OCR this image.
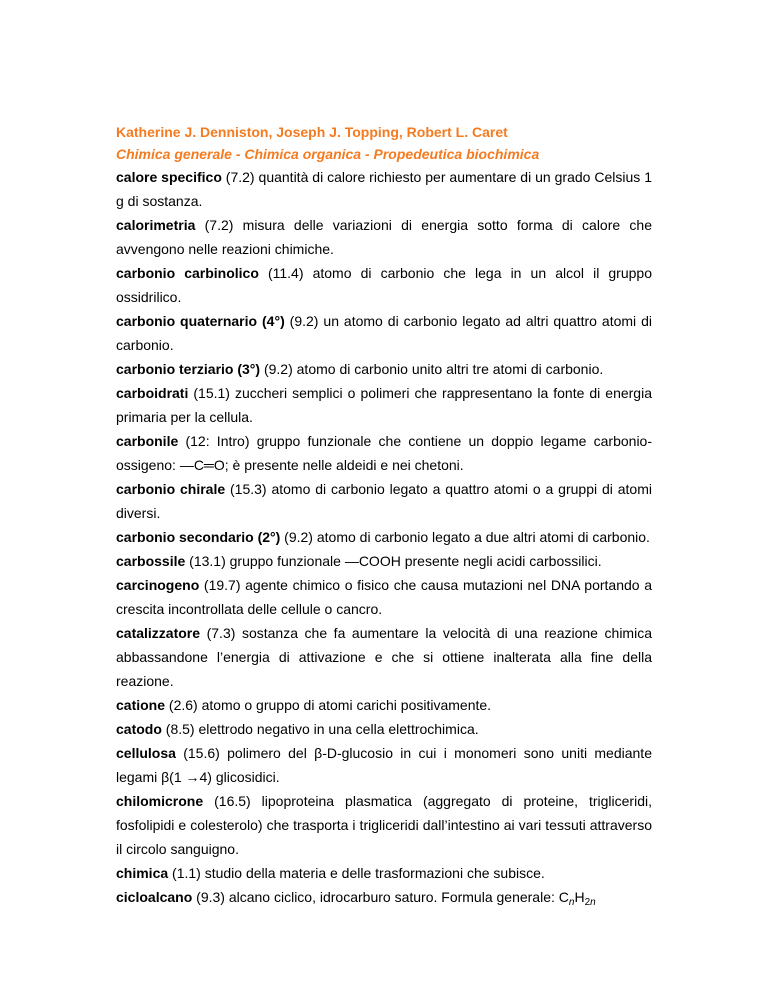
Katherine J. Denniston, Joseph J. Topping, Robert L. Caret

Chimica generale - Chimica organica - Propedeutica biochimica

calore specifico (7.2) quantità di calore richiesto per aumentare di un grado Celsius 1 g di sostanza.

calorimetria (7.2) misura delle variazioni di energia sotto forma di calore che avvengono nelle reazioni chimiche.

carbonio carbinolico (11.4) atomo di carbonio che lega in un alcol il gruppo ossidrilico.

carbonio quaternario (4°) (9.2) un atomo di carbonio legato ad altri quattro atomi di carbonio.

carbonio terziario (3°) (9.2) atomo di carbonio unito altri tre atomi di carbonio.

carboidrati (15.1) zuccheri semplici o polimeri che rappresentano la fonte di energia primaria per la cellula.

carbonile (12: Intro) gruppo funzionale che contiene un doppio legame carbonio-ossigeno: —C═O; è presente nelle aldeidi e nei chetoni.

carbonio chirale (15.3) atomo di carbonio legato a quattro atomi o a gruppi di atomi diversi.

carbonio secondario (2°) (9.2) atomo di carbonio legato a due altri atomi di carbonio.

carbossile (13.1) gruppo funzionale —COOH presente negli acidi carbossilici.

carcinogeno (19.7) agente chimico o fisico che causa mutazioni nel DNA portando a crescita incontrollata delle cellule o cancro.

catalizzatore (7.3) sostanza che fa aumentare la velocità di una reazione chimica abbassandone l’energia di attivazione e che si ottiene inalterata alla fine della reazione.

catione (2.6) atomo o gruppo di atomi carichi positivamente.

catodo (8.5) elettrodo negativo in una cella elettrochimica.

cellulosa (15.6) polimero del β-D-glucosio in cui i monomeri sono uniti mediante legami β(1 →4) glicosidici.

chilomicrone (16.5) lipoproteina plasmatica (aggregato di proteine, trigliceridi, fosfolipidi e colesterolo) che trasporta i trigliceridi dall’intestino ai vari tessuti attraverso il circolo sanguigno.

chimica (1.1) studio della materia e delle trasformazioni che subisce.

cicloalcano (9.3) alcano ciclico, idrocarburo saturo. Formula generale: $C_nH_{2n}$
